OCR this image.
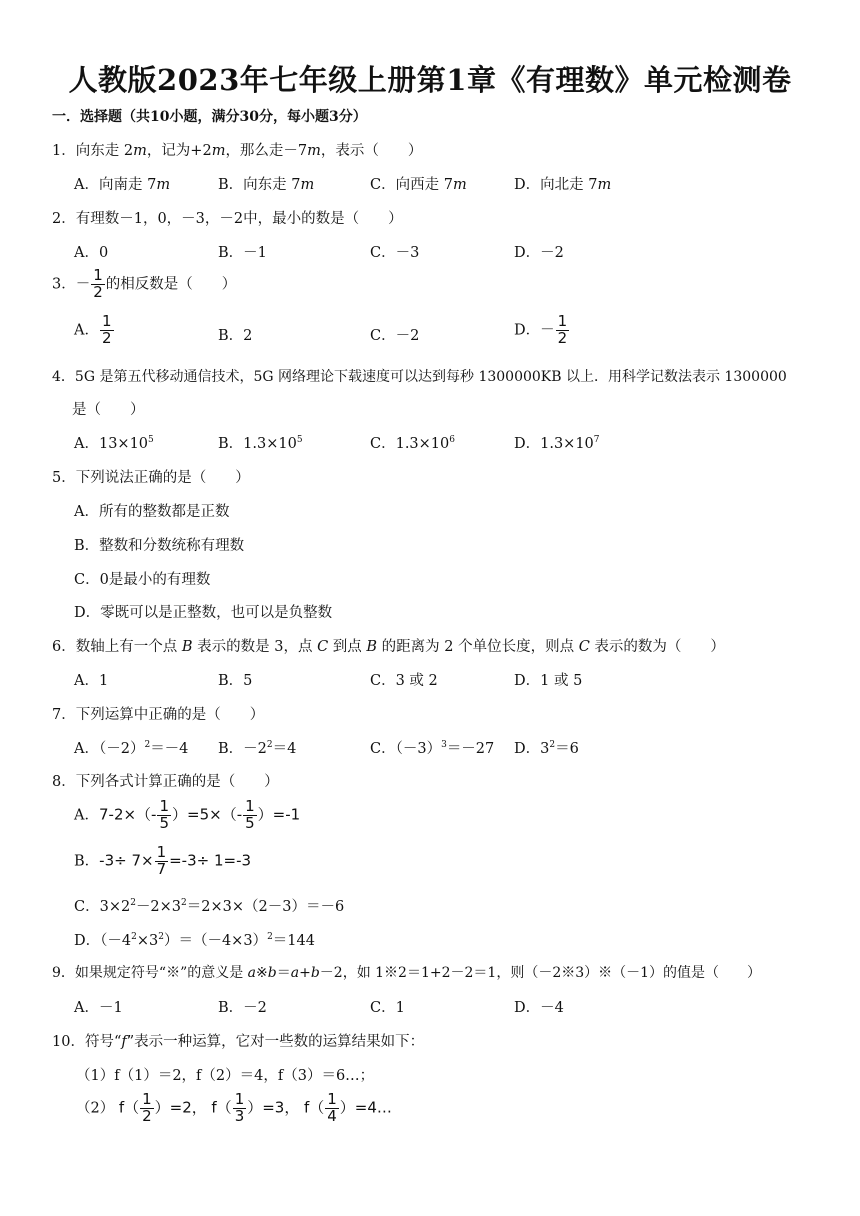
人教版2023年七年级上册第1章《有理数》单元检测卷
一．选择题（共10小题，满分30分，每小题3分）
1．向东走 2m，记为+2m，那么走－7m，表示（　　）
A．向南走 7m	B．向东走 7m	C．向西走 7m	D．向北走 7m
2．有理数－1，0，－3，－2中，最小的数是（　　）
A．0	B．－1	C．－3	D．－2
3．－ $\frac{1}{2}$ 的相反数是（　　）
A． $\frac{1}{2}$	B．2	C．－2	D．－ $\frac{1}{2}$
4．5G 是第五代移动通信技术，5G 网络理论下载速度可以达到每秒 1300000KB 以上．用科学记数法表示 1300000
是（　　）
A．$13\times 10^5$	B．$1.3\times 10^5$	C．$1.3\times 10^6$	D．$1.3\times 10^7$
5．下列说法正确的是（　　）
A．所有的整数都是正数
B．整数和分数统称有理数
C．0是最小的有理数
D．零既可以是正整数，也可以是负整数
6．数轴上有一个点 B 表示的数是 3，点 C 到点 B 的距离为 2 个单位长度，则点 C 表示的数为（　　）
A．1	B．5	C．3 或 2	D．1 或 5
7．下列运算中正确的是（　　）
A．$(-2)^2=-4$ B．$-2^2=4$	C．$(-3)^3=-27$ D．$3^2=6$
8．下列各式计算正确的是（　　）
A．$7-2\times(- \frac{1}{5} )=5\times(- \frac{1}{5} )=-1$
B．$-3\div 7\times \frac{1}{7} =-3\div 1=-3$
C．$3\times 2^2-2\times 3^2=2\times 3\times(2-3)=-6$
D．$(-4^2\times 3^2)=(-4\times 3)^2=144$
9．如果规定符号“※”的意义是 a※b＝a+b－2，如 1※2＝1+2－2＝1，则（－2※3）※（－1）的值是（　　）
A．－1	B．－2	C．1	D．－4
10．符号“f”表示一种运算，它对一些数的运算结果如下：
（1）f（1）＝2，f（2）＝4，f（3）＝6…；
（2） $f( \frac{1}{2} )=2$， $f( \frac{1}{3} )=3$， $f( \frac{1}{4}$ ）=4…
